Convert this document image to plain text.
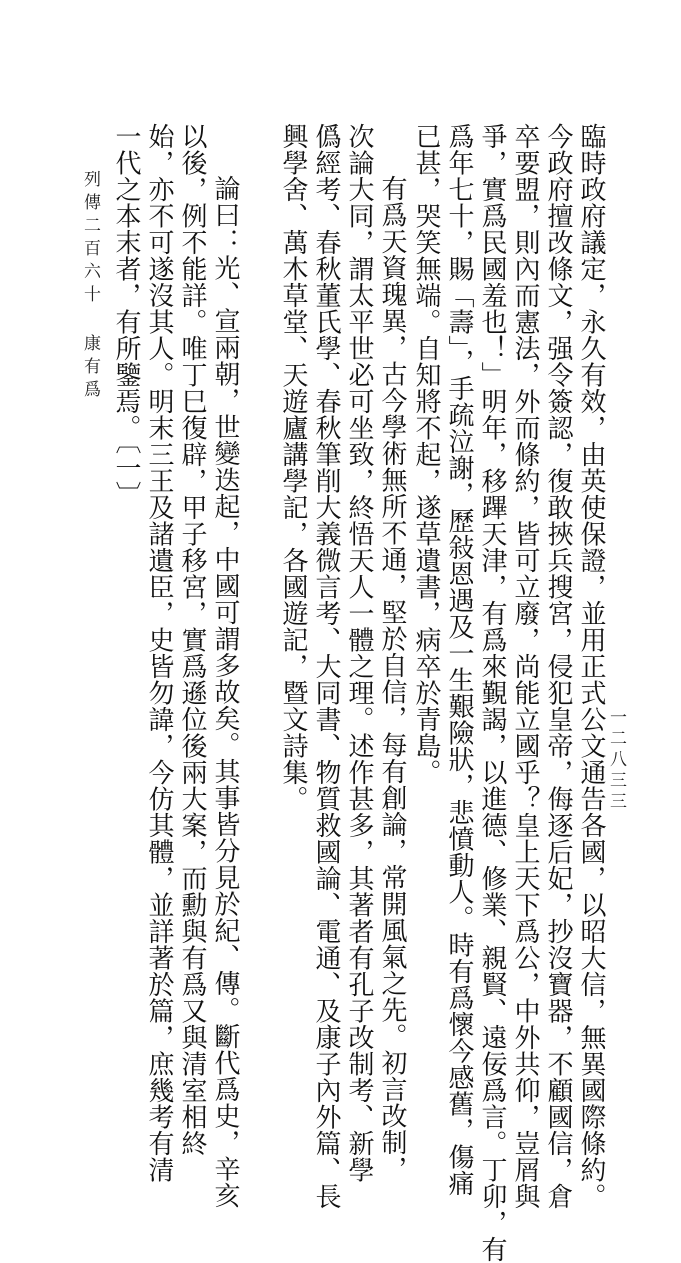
列傳二百六十康有爲	臨時政府議定，永久有效，由英使保證，並用正式公文通告各國，以昭大信，無異國際條約。
今政府擅改條文，强令簽認，復敢挾兵搜宮，侵犯皇帝，侮逐后妃，抄沒寶器，不顧國信，倉
卒要盟，則內而憲法，外而條約，皆可立廢，尚能立國乎？皇上天下爲公，中外共仰，豈屑與
爭，實爲民國羞也！」明年，移蹕天津，有爲來覲謁，以進德、修業、親賢、遠佞爲言。丁卯，有
爲年七十，賜「壽」，手疏泣謝，歷敍恩遇及一生艱險狀，悲憤動人。時有爲懷今感舊，傷痛
已甚，哭笑無端。自知將不起，遂草遺書，病卒於青島。
有爲天資瑰異，古今學術無所不通，堅於自信，每有創論，常開風氣之先。初言改制，
次論大同，謂太平世必可坐致，終悟天人一體之理。述作甚多，其著者有孔子改制考、新學
僞經考、春秋董氏學、春秋筆削大義微言考、大同書、物質救國論、電通、及康子內外篇、長
興學舍、萬木草堂、天遊廬講學記，各國遊記，暨文詩集。
論曰：光、宣兩朝，世變迭起，中國可謂多故矣。其事皆分見於紀、傳。斷代爲史，辛亥
以後，例不能詳。唯丁巳復辟，甲子移宮，實爲遜位後兩大案，而勳與有爲又與清室相終
始，亦不可遂沒其人。明末三王及諸遺臣，史皆勿諱，今仿其體，並詳著於篇，庶幾考有清
一代之本末者，有所鑒焉。〔一〕
一二八三三
